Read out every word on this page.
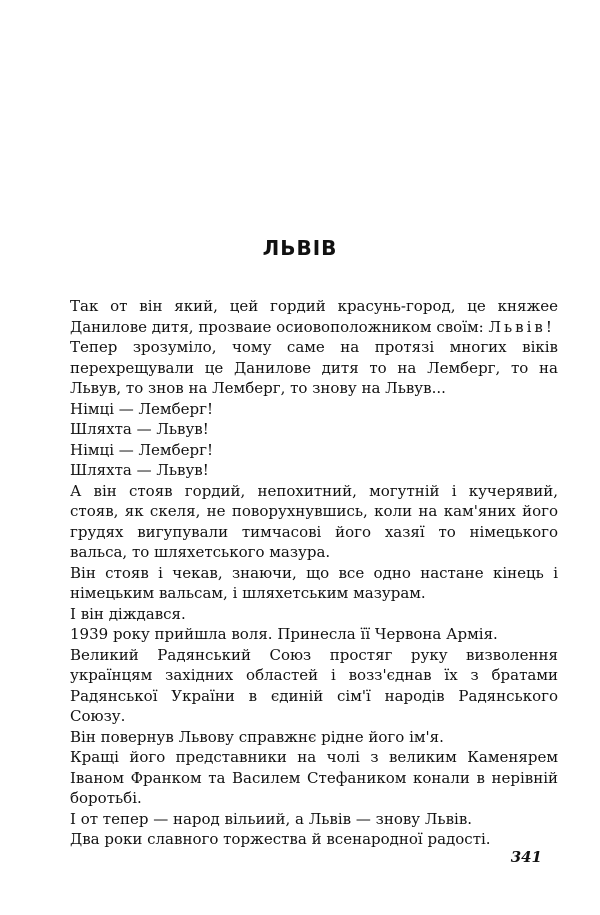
ЛЬВІВ

Так от він який, цей гордий красунь-город, це княжее Данилове дитя, прозваие осиовоположником своїм: Львів!

Тепер зрозуміло, чому саме на протязі многих віків перехрещували це Данилове дитя то на Лемберг, то на Львув, то знов на Лемберг, то знову на Львув...

Німці — Лемберг!

Шляхта — Львув!

Німці — Лемберг!

Шляхта — Львув!

А він стояв гордий, непохитний, могутній і кучерявий, стояв, як скеля, не поворухнувшись, коли на кам'яних його грудях вигупували тимчасові його хазяї то німецького вальса, то шляхетського мазура.

Він стояв і чекав, знаючи, що все одно настане кінець і німецьким вальсам, і шляхетським мазурам.

І він діждався.

1939 року прийшла воля. Принесла її Червона Армія.

Великий Радянський Союз простяг руку визволення українцям західних областей і возз'єднав їх з братами Радянської України в єдиній сім'ї народів Радянського Союзу.

Він повернув Львову справжнє рідне його ім'я.

Кращі його представники на чолі з великим Каменярем Іваном Франком та Василем Стефаником конали в нерівній боротьбі.

І от тепер — народ вільиий, а Львів — знову Львів.

Два роки славного торжества й всенародної радості.

341
